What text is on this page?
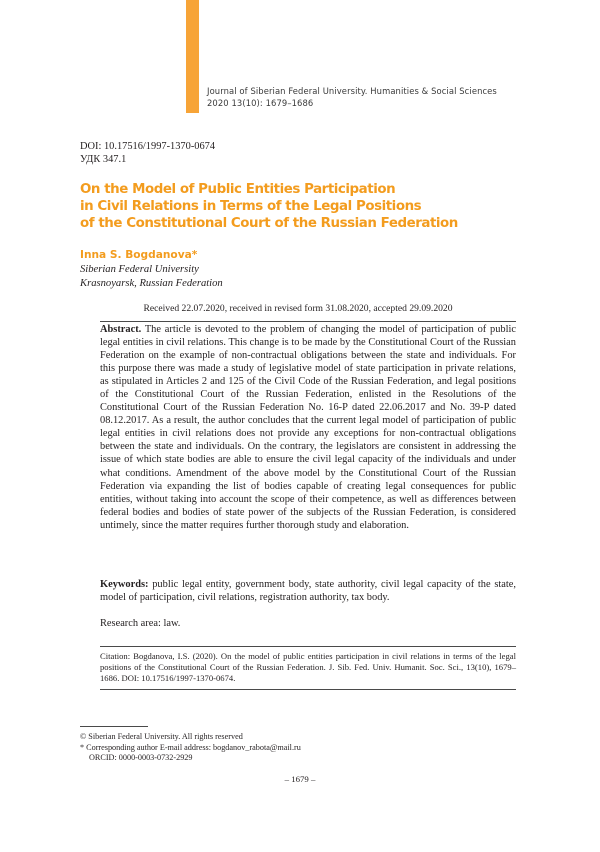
Journal of Siberian Federal University. Humanities & Social Sciences
2020 13(10): 1679–1686
DOI: 10.17516/1997-1370-0674
УДК 347.1
On the Model of Public Entities Participation
in Civil Relations in Terms of the Legal Positions
of the Constitutional Court of the Russian Federation
Inna S. Bogdanova*
Siberian Federal University
Krasnoyarsk, Russian Federation
Received 22.07.2020, received in revised form 31.08.2020, accepted 29.09.2020
Abstract. The article is devoted to the problem of changing the model of participation of public legal entities in civil relations. This change is to be made by the Constitutional Court of the Russian Federation on the example of non-contractual obligations between the state and individuals. For this purpose there was made a study of legislative model of state participation in private relations, as stipulated in Articles 2 and 125 of the Civil Code of the Russian Federation, and legal positions of the Constitutional Court of the Russian Federation, enlisted in the Resolutions of the Constitutional Court of the Russian Federation No. 16-P dated 22.06.2017 and No. 39-P dated 08.12.2017. As a result, the author concludes that the current legal model of participation of public legal entities in civil relations does not provide any exceptions for non-contractual obligations between the state and individuals. On the contrary, the legislators are consistent in addressing the issue of which state bodies are able to ensure the civil legal capacity of the individuals and under what conditions. Amendment of the above model by the Constitutional Court of the Russian Federation via expanding the list of bodies capable of creating legal consequences for public entities, without taking into account the scope of their competence, as well as differences between federal bodies and bodies of state power of the subjects of the Russian Federation, is considered untimely, since the matter requires further thorough study and elaboration.
Keywords: public legal entity, government body, state authority, civil legal capacity of the state, model of participation, civil relations, registration authority, tax body.
Research area: law.
Citation: Bogdanova, I.S. (2020). On the model of public entities participation in civil relations in terms of the legal positions of the Constitutional Court of the Russian Federation. J. Sib. Fed. Univ. Humanit. Soc. Sci., 13(10), 1679–1686. DOI: 10.17516/1997-1370-0674.
© Siberian Federal University. All rights reserved
* Corresponding author E-mail address: bogdanov_rabota@mail.ru
ORCID: 0000-0003-0732-2929
– 1679 –
